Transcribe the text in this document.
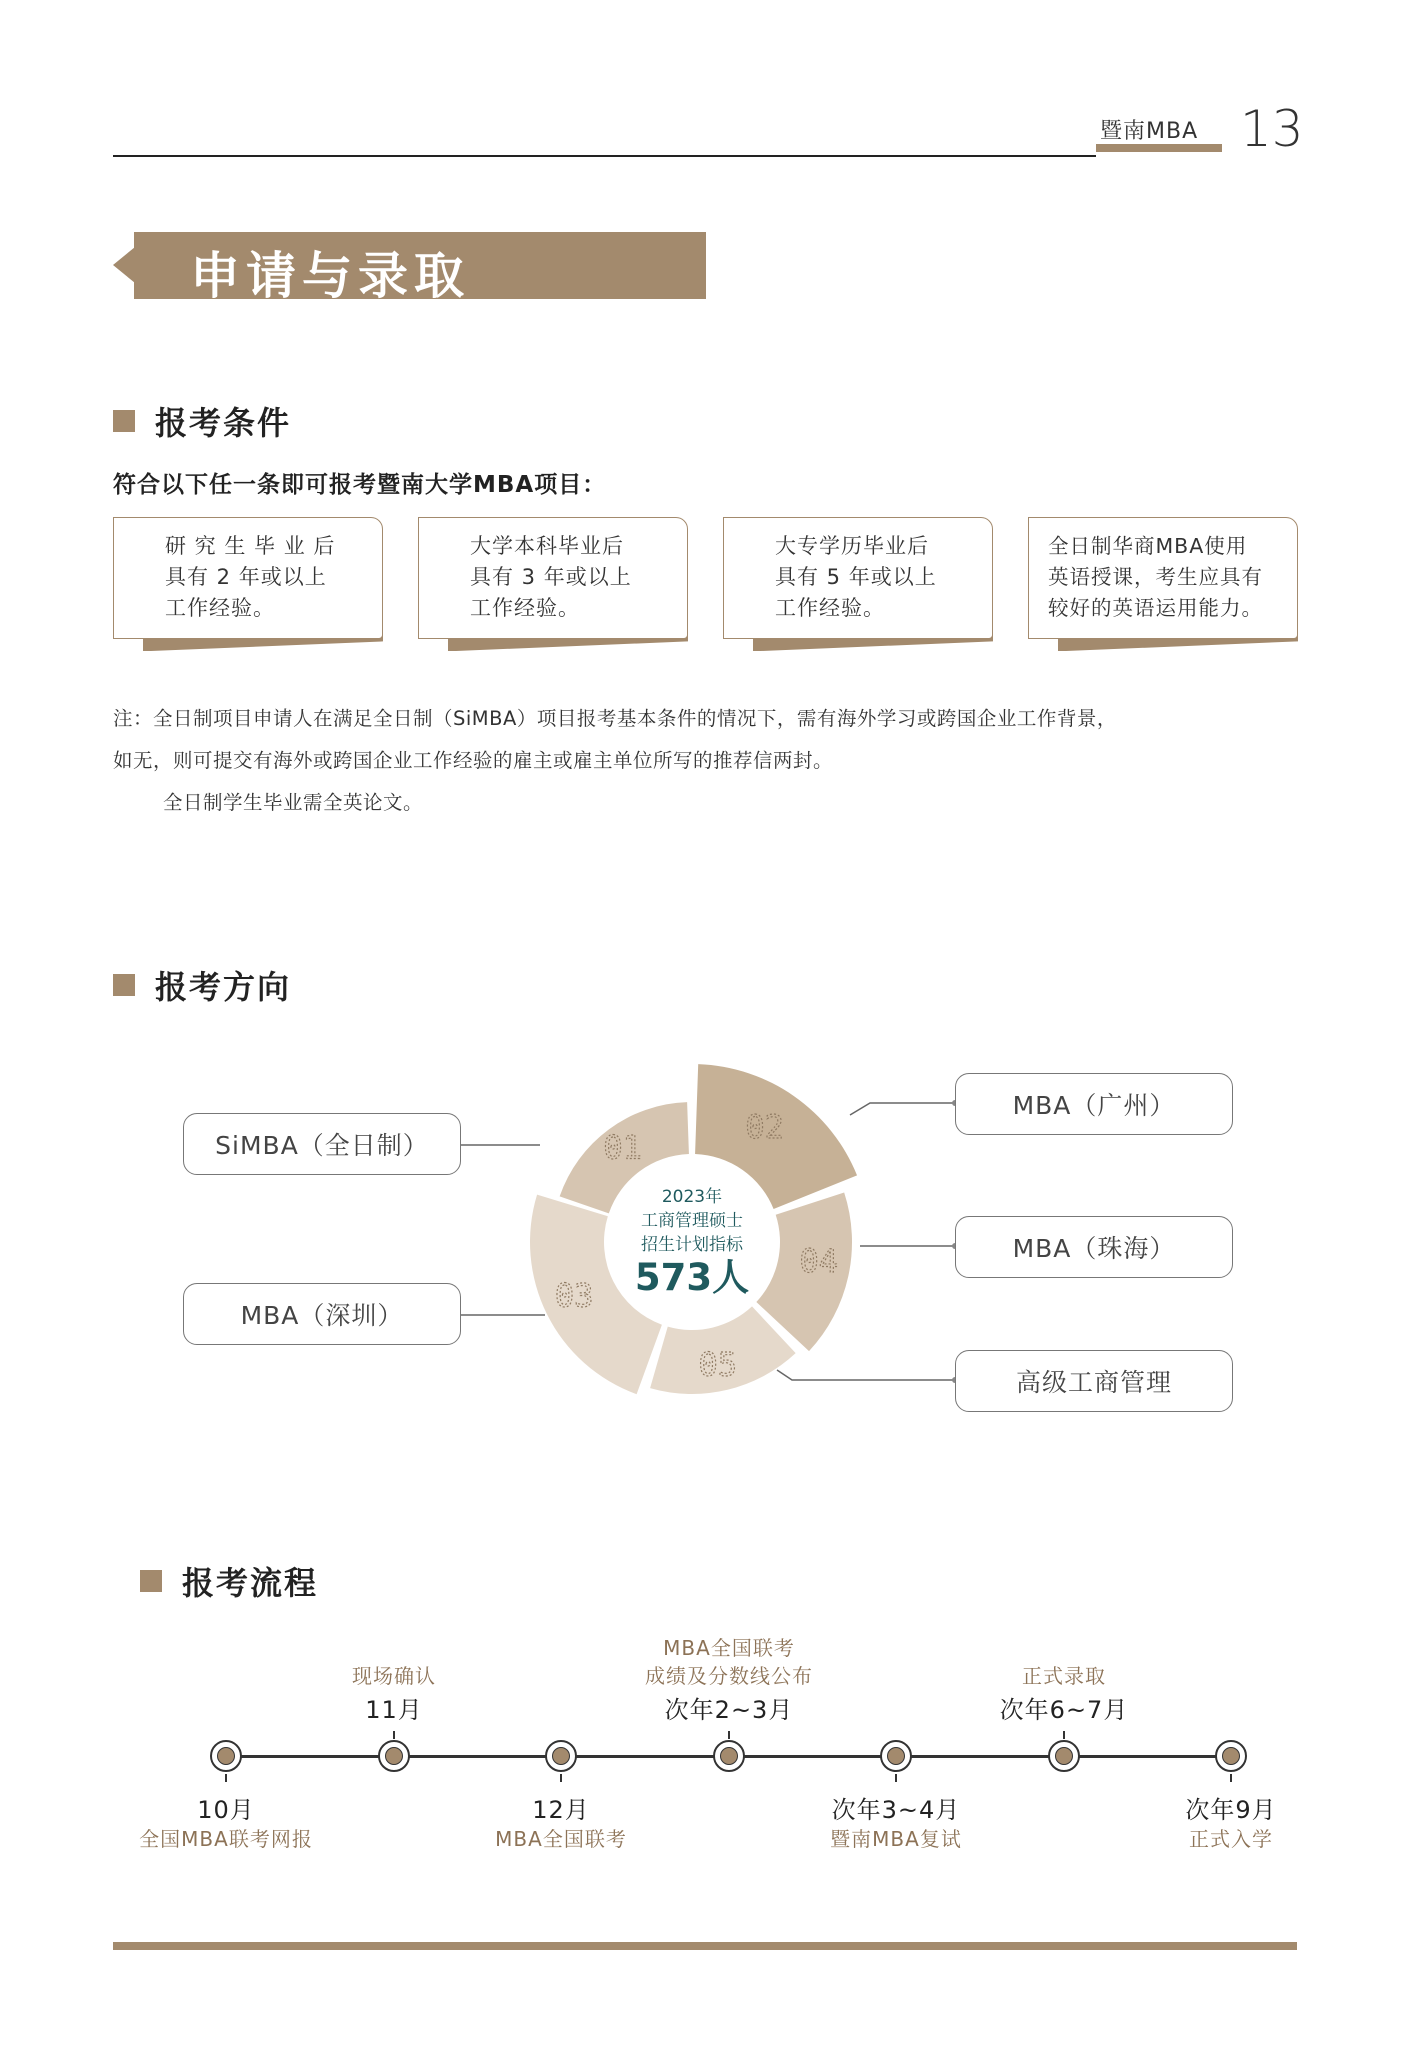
暨南MBA 13
申请与录取
报考条件
符合以下任一条即可报考暨南大学MBA项目：
研 究 生 毕 业 后
具有 2 年或以上
工作经验。
大学本科毕业后
具有 3 年或以上
工作经验。
大专学历毕业后
具有 5 年或以上
工作经验。
全日制华商MBA使用
英语授课，考生应具有
较好的英语运用能力。
注：全日制项目申请人在满足全日制（SiMBA）项目报考基本条件的情况下，需有海外学习或跨国企业工作背景，
如无，则可提交有海外或跨国企业工作经验的雇主或雇主单位所写的推荐信两封。
全日制学生毕业需全英论文。
报考方向
01
02
03
04
05
2023年
工商管理硕士
招生计划指标
573人
SiMBA（全日制）
MBA（广州）
MBA（深圳）
MBA（珠海）
高级工商管理
报考流程
10月
全国MBA联考网报
12月
MBA全国联考
次年3~4月
暨南MBA复试
次年9月
正式入学
现场确认
11月
MBA全国联考
成绩及分数线公布
次年2~3月
正式录取
次年6~7月
